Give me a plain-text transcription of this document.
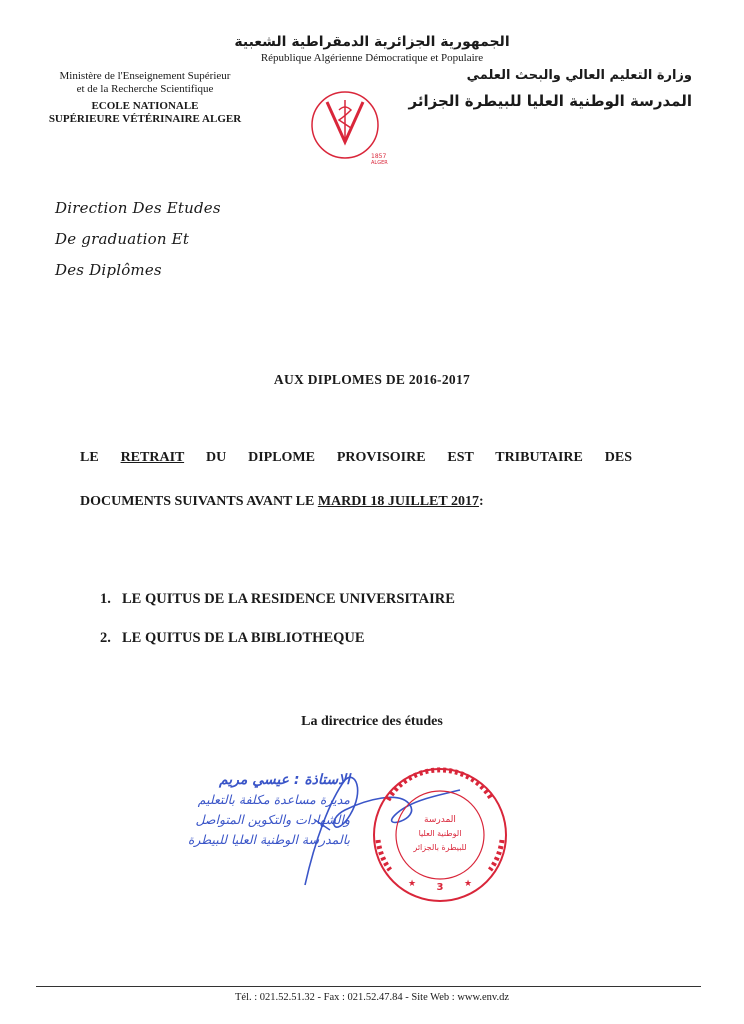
الجمهورية الجزائرية الدمقراطية الشعبية
République Algérienne Démocratique et Populaire
Ministère de l'Enseignement Supérieur
et de la Recherche Scientifique
ECOLE NATIONALE
SUPÉRIEURE VÉTÉRINAIRE ALGER
وزارة التعليم العالي والبحث العلمي
المدرسة الوطنية العليا للبيطرة الجزائر
1857
ALGER
Direction Des Etudes
De graduation Et
Des Diplômes
AUX DIPLOMES DE 2016-2017
LE RETRAIT DU DIPLOME PROVISOIRE EST TRIBUTAIRE DES
DOCUMENTS SUIVANTS AVANT LE MARDI 18 JUILLET 2017:
1. LE QUITUS DE LA RESIDENCE UNIVERSITAIRE
2. LE QUITUS DE LA BIBLIOTHEQUE
La directrice des études
الاستاذة : عيسي مريم
مديرة مساعدة مكلفة بالتعليم
والشهادات والتكوين المتواصل
بالمدرسة الوطنية العليا للبيطرة
المدرسة
الوطنية العليا
للبيطرة بالجزائر
3
★	★
Tél. : 021.52.51.32 - Fax : 021.52.47.84 - Site Web : www.env.dz
